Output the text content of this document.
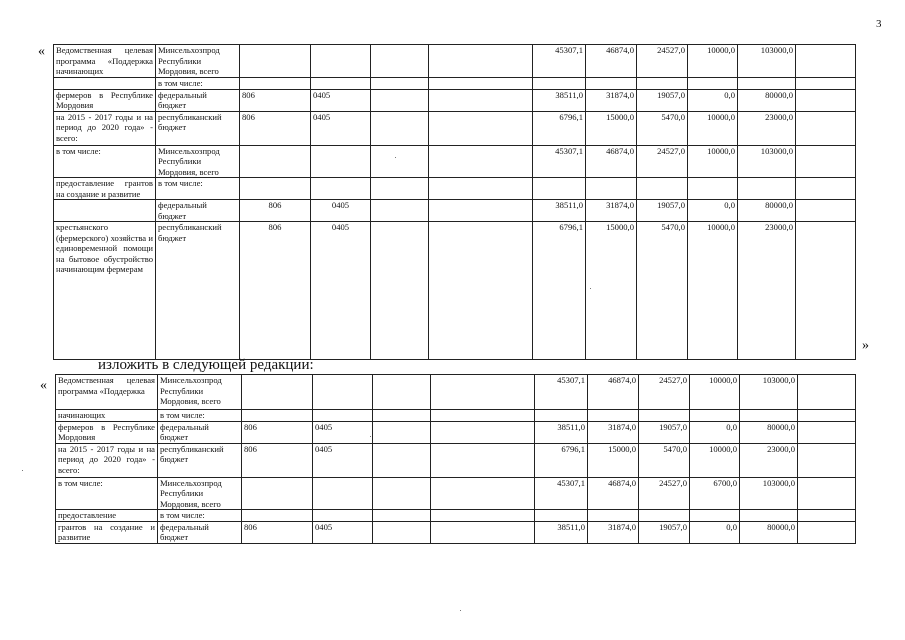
3
«
»
изложить в следующей редакции:
«
Ведомственная целевая программа «Поддержка начинающих	Минсельхозпрод Республики Мордовия, всего					45307,1	46874,0	24527,0	10000,0	103000,0	
	в том числе:										
фермеров в Республике Мордовия	федеральный бюджет	806	0405			38511,0	31874,0	19057,0	0,0	80000,0	
на 2015 - 2017 годы и на период до 2020 года» - всего:	республиканский бюджет	806	0405			6796,1	15000,0	5470,0	10000,0	23000,0	
в том числе:	Минсельхозпрод Республики Мордовия, всего					45307,1	46874,0	24527,0	10000,0	103000,0	
предоставление грантов на создание и развитие	в том числе:										
	федеральный бюджет	806	0405			38511,0	31874,0	19057,0	0,0	80000,0	
крестьянского (фермерского) хозяйства и единовременной помощи на бытовое обустройство начинающим фермерам	республиканский бюджет	806	0405			6796,1	15000,0	5470,0	10000,0	23000,0	
Ведомственная целевая программа «Поддержка	Минсельхозпрод Республики Мордовия, всего					45307,1	46874,0	24527,0	10000,0	103000,0	
начинающих	в том числе:										
фермеров в Республике Мордовия	федеральный бюджет	806	0405			38511,0	31874,0	19057,0	0,0	80000,0	
на 2015 - 2017 годы и на период до 2020 года» - всего:	республиканский бюджет	806	0405			6796,1	15000,0	5470,0	10000,0	23000,0	
в том числе:	Минсельхозпрод Республики Мордовия, всего					45307,1	46874,0	24527,0	6700,0	103000,0	
предоставление	в том числе:										
грантов на создание и развитие	федеральный бюджет	806	0405			38511,0	31874,0	19057,0	0,0	80000,0	
